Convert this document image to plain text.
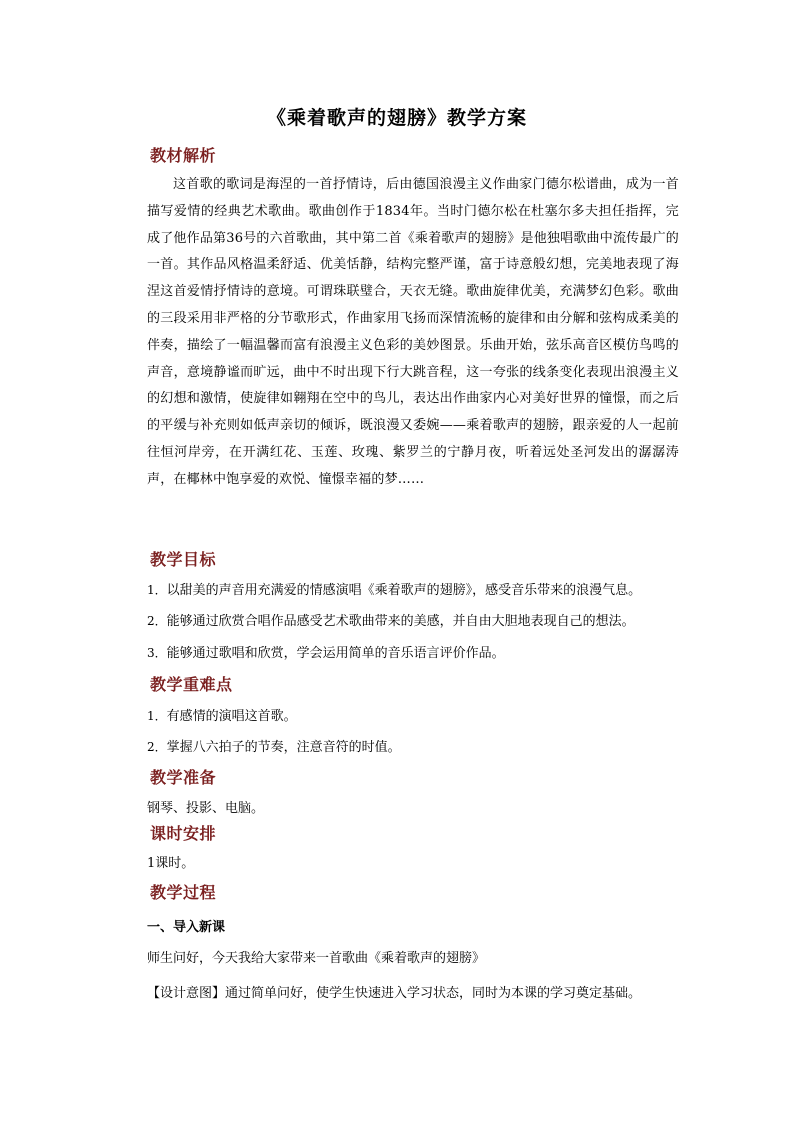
《乘着歌声的翅膀》教学方案
教材解析
这首歌的歌词是海涅的一首抒情诗，后由德国浪漫主义作曲家门德尔松谱曲，成为一首描写爱情的经典艺术歌曲。歌曲创作于1834年。当时门德尔松在杜塞尔多夫担任指挥，完成了他作品第36号的六首歌曲，其中第二首《乘着歌声的翅膀》是他独唱歌曲中流传最广的一首。其作品风格温柔舒适、优美恬静，结构完整严谨，富于诗意般幻想，完美地表现了海涅这首爱情抒情诗的意境。可谓珠联璧合，天衣无缝。歌曲旋律优美，充满梦幻色彩。歌曲的三段采用非严格的分节歌形式，作曲家用飞扬而深情流畅的旋律和由分解和弦构成柔美的伴奏，描绘了一幅温馨而富有浪漫主义色彩的美妙图景。乐曲开始，弦乐高音区模仿鸟鸣的声音，意境静谧而旷远，曲中不时出现下行大跳音程，这一夸张的线条变化表现出浪漫主义的幻想和激情，使旋律如翱翔在空中的鸟儿，表达出作曲家内心对美好世界的憧憬，而之后的平缓与补充则如低声亲切的倾诉，既浪漫又委婉——乘着歌声的翅膀，跟亲爱的人一起前往恒河岸旁，在开满红花、玉莲、玫瑰、紫罗兰的宁静月夜，听着远处圣河发出的潺潺涛声，在椰林中饱享爱的欢悦、憧憬幸福的梦……
教学目标
1．以甜美的声音用充满爱的情感演唱《乘着歌声的翅膀》，感受音乐带来的浪漫气息。
2．能够通过欣赏合唱作品感受艺术歌曲带来的美感，并自由大胆地表现自己的想法。
3．能够通过歌唱和欣赏，学会运用简单的音乐语言评价作品。
教学重难点
1．有感情的演唱这首歌。
2．掌握八六拍子的节奏，注意音符的时值。
教学准备
钢琴、投影、电脑。
课时安排
1课时。
教学过程
一、导入新课
师生问好，今天我给大家带来一首歌曲《乘着歌声的翅膀》
【设计意图】通过简单问好，使学生快速进入学习状态，同时为本课的学习奠定基础。
